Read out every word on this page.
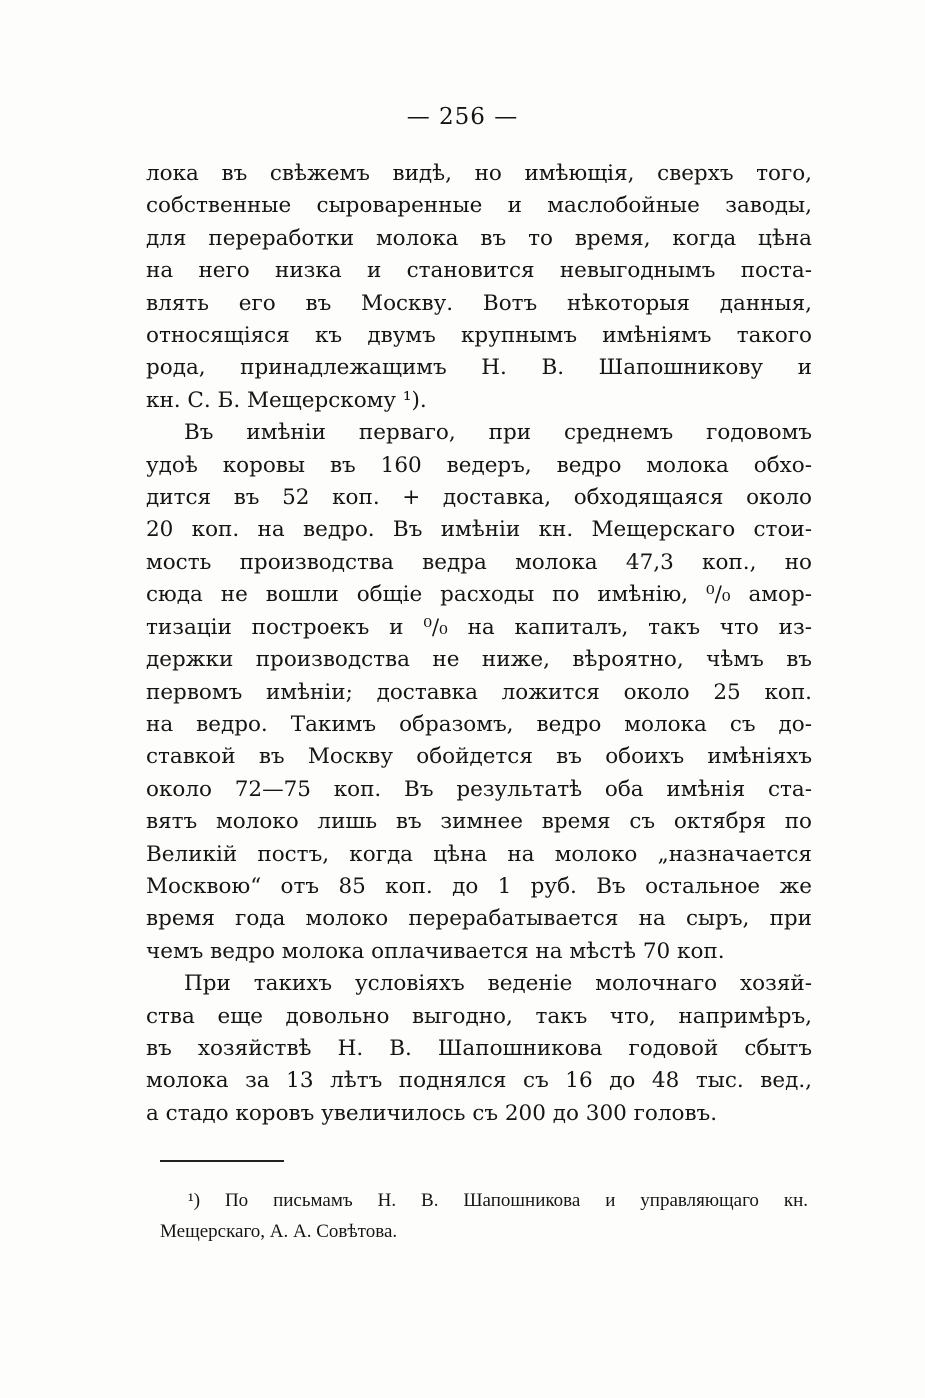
— 256 —
лока въ свѣжемъ видѣ, но имѣющія, сверхъ того,
собственные сыроваренные и маслобойные заводы,
для переработки молока въ то время, когда цѣна
на него низка и становится невыгоднымъ поста-
влять его въ Москву. Вотъ нѣкоторыя данныя,
относящіяся къ двумъ крупнымъ имѣніямъ такого
рода, принадлежащимъ Н. В. Шапошникову и
кн. С. Б. Мещерскому ¹).
Въ имѣніи перваго, при среднемъ годовомъ
удоѣ коровы въ 160 ведеръ, ведро молока обхо-
дится въ 52 коп. + доставка, обходящаяся около
20 коп. на ведро. Въ имѣніи кн. Мещерскаго стои-
мость производства ведра молока 47,3 коп., но
сюда не вошли общіе расходы по имѣнію, ⁰/₀ амор-
тизаціи построекъ и ⁰/₀ на капиталъ, такъ что из-
держки производства не ниже, вѣроятно, чѣмъ въ
первомъ имѣніи; доставка ложится около 25 коп.
на ведро. Такимъ образомъ, ведро молока съ до-
ставкой въ Москву обойдется въ обоихъ имѣніяхъ
около 72—75 коп. Въ результатѣ оба имѣнія ста-
вятъ молоко лишь въ зимнее время съ октября по
Великій постъ, когда цѣна на молоко „назначается
Москвою“ отъ 85 коп. до 1 руб. Въ остальное же
время года молоко перерабатывается на сыръ, при
чемъ ведро молока оплачивается на мѣстѣ 70 коп.
При такихъ условіяхъ веденіе молочнаго хозяй-
ства еще довольно выгодно, такъ что, напримѣръ,
въ хозяйствѣ Н. В. Шапошникова годовой сбытъ
молока за 13 лѣтъ поднялся съ 16 до 48 тыс. вед.,
а стадо коровъ увеличилось съ 200 до 300 головъ.
¹) По письмамъ Н. В. Шапошникова и управляющаго кн.
Мещерскаго, А. А. Совѣтова.
